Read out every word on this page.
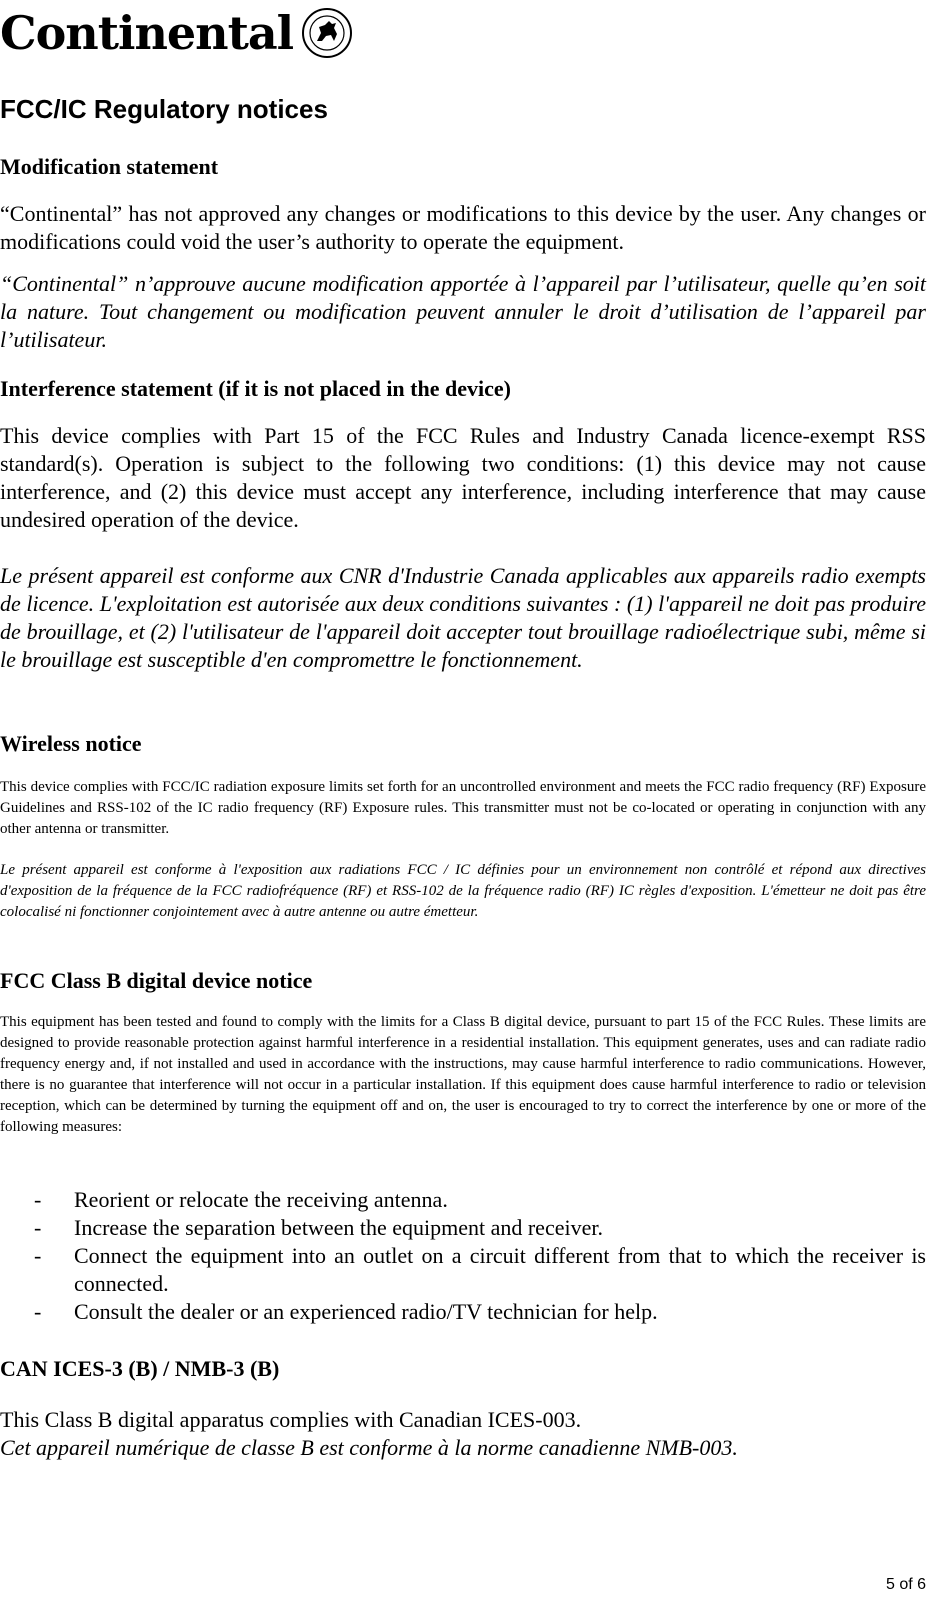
Continental
FCC/IC Regulatory notices

Modification statement

“Continental” has not approved any changes or modifications to this device by the user. Any changes or modifications could void the user’s authority to operate the equipment.

“Continental” n’approuve aucune modification apportée à l’appareil par l’utilisateur, quelle qu’en soit la nature. Tout changement ou modification peuvent annuler le droit d’utilisation de l’appareil par l’utilisateur.

Interference statement (if it is not placed in the device)

This device complies with Part 15 of the FCC Rules and Industry Canada licence-exempt RSS standard(s). Operation is subject to the following two conditions: (1) this device may not cause interference, and (2) this device must accept any interference, including interference that may cause undesired operation of the device.

Le présent appareil est conforme aux CNR d'Industrie Canada applicables aux appareils radio exempts de licence. L'exploitation est autorisée aux deux conditions suivantes : (1) l'appareil ne doit pas produire de brouillage, et (2) l'utilisateur de l'appareil doit accepter tout brouillage radioélectrique subi, même si le brouillage est susceptible d'en compromettre le fonctionnement.

Wireless notice

This device complies with FCC/IC radiation exposure limits set forth for an uncontrolled environment and meets the FCC radio frequency (RF) Exposure Guidelines and RSS-102 of the IC radio frequency (RF) Exposure rules. This transmitter must not be co-located or operating in conjunction with any other antenna or transmitter.

Le présent appareil est conforme à l'exposition aux radiations FCC / IC définies pour un environnement non contrôlé et répond aux directives d'exposition de la fréquence de la FCC radiofréquence (RF) et RSS-102 de la fréquence radio (RF) IC règles d'exposition. L'émetteur ne doit pas être colocalisé ni fonctionner conjointement avec à autre antenne ou autre émetteur.

FCC Class B digital device notice

This equipment has been tested and found to comply with the limits for a Class B digital device, pursuant to part 15 of the FCC Rules. These limits are designed to provide reasonable protection against harmful interference in a residential installation. This equipment generates, uses and can radiate radio frequency energy and, if not installed and used in accordance with the instructions, may cause harmful interference to radio communications. However, there is no guarantee that interference will not occur in a particular installation. If this equipment does cause harmful interference to radio or television reception, which can be determined by turning the equipment off and on, the user is encouraged to try to correct the interference by one or more of the following measures:

-	Reorient or relocate the receiving antenna.
-	Increase the separation between the equipment and receiver.
-	Connect the equipment into an outlet on a circuit different from that to which the receiver is connected.
-	Consult the dealer or an experienced radio/TV technician for help.

CAN ICES-3 (B) / NMB-3 (B)

This Class B digital apparatus complies with Canadian ICES-003.

Cet appareil numérique de classe B est conforme à la norme canadienne NMB-003.

5 of 6
